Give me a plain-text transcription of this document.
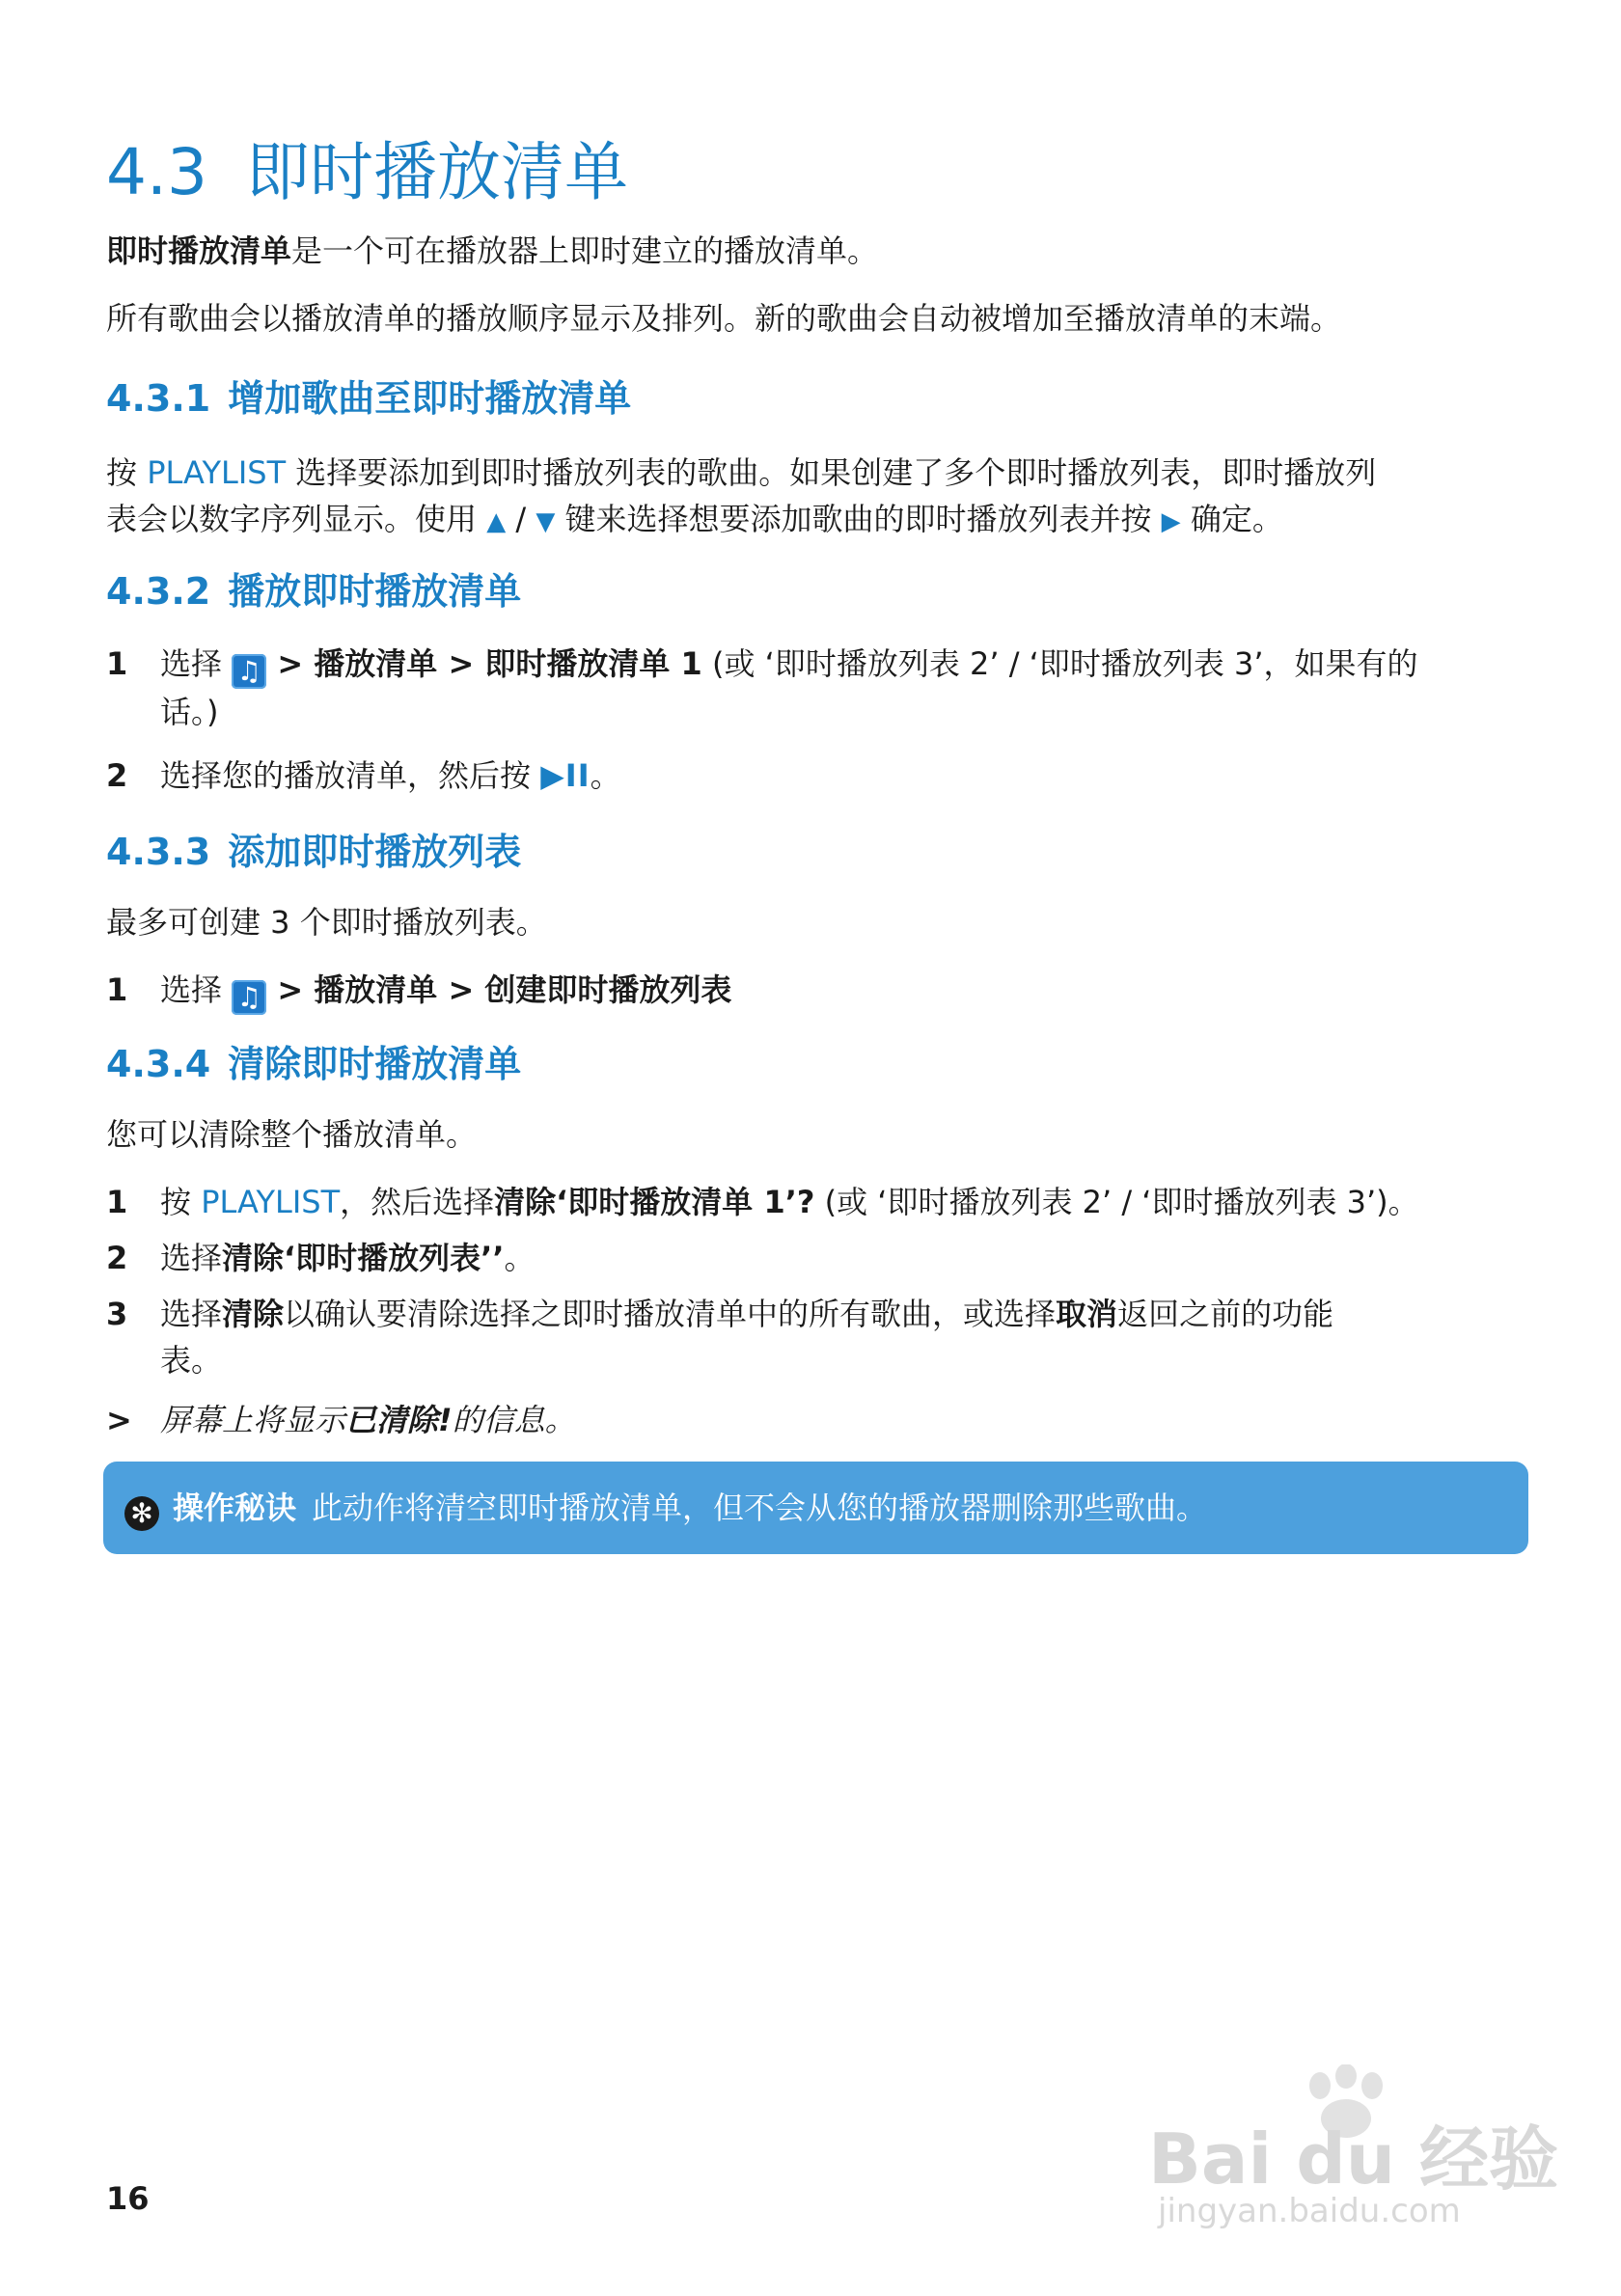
4.3 即时播放清单
即时播放清单是一个可在播放器上即时建立的播放清单。
所有歌曲会以播放清单的播放顺序显示及排列。新的歌曲会自动被增加至播放清单的末端。
4.3.1 增加歌曲至即时播放清单
按 PLAYLIST 选择要添加到即时播放列表的歌曲。如果创建了多个即时播放列表，即时播放列
表会以数字序列显示。使用 ▲ / ▼ 键来选择想要添加歌曲的即时播放列表并按 ▶ 确定。
4.3.2 播放即时播放清单
1 选择 ♫ > 播放清单 > 即时播放清单 1 (或 ‘即时播放列表 2’ / ‘即时播放列表 3’，如果有的
话。)
2 选择您的播放清单，然后按 ▶II。
4.3.3 添加即时播放列表
最多可创建 3 个即时播放列表。
1 选择 ♫ > 播放清单 > 创建即时播放列表
4.3.4 清除即时播放清单
您可以清除整个播放清单。
1 按 PLAYLIST，然后选择清除‘即时播放清单 1’? (或 ‘即时播放列表 2’ / ‘即时播放列表 3’)。
2 选择清除‘即时播放列表’’。
3 选择清除以确认要清除选择之即时播放清单中的所有歌曲，或选择取消返回之前的功能
表。
> 屏幕上将显示已清除!的信息。
✻ 操作秘诀 此动作将清空即时播放清单，但不会从您的播放器删除那些歌曲。
16	Bai du 经验
jingyan.baidu.com
